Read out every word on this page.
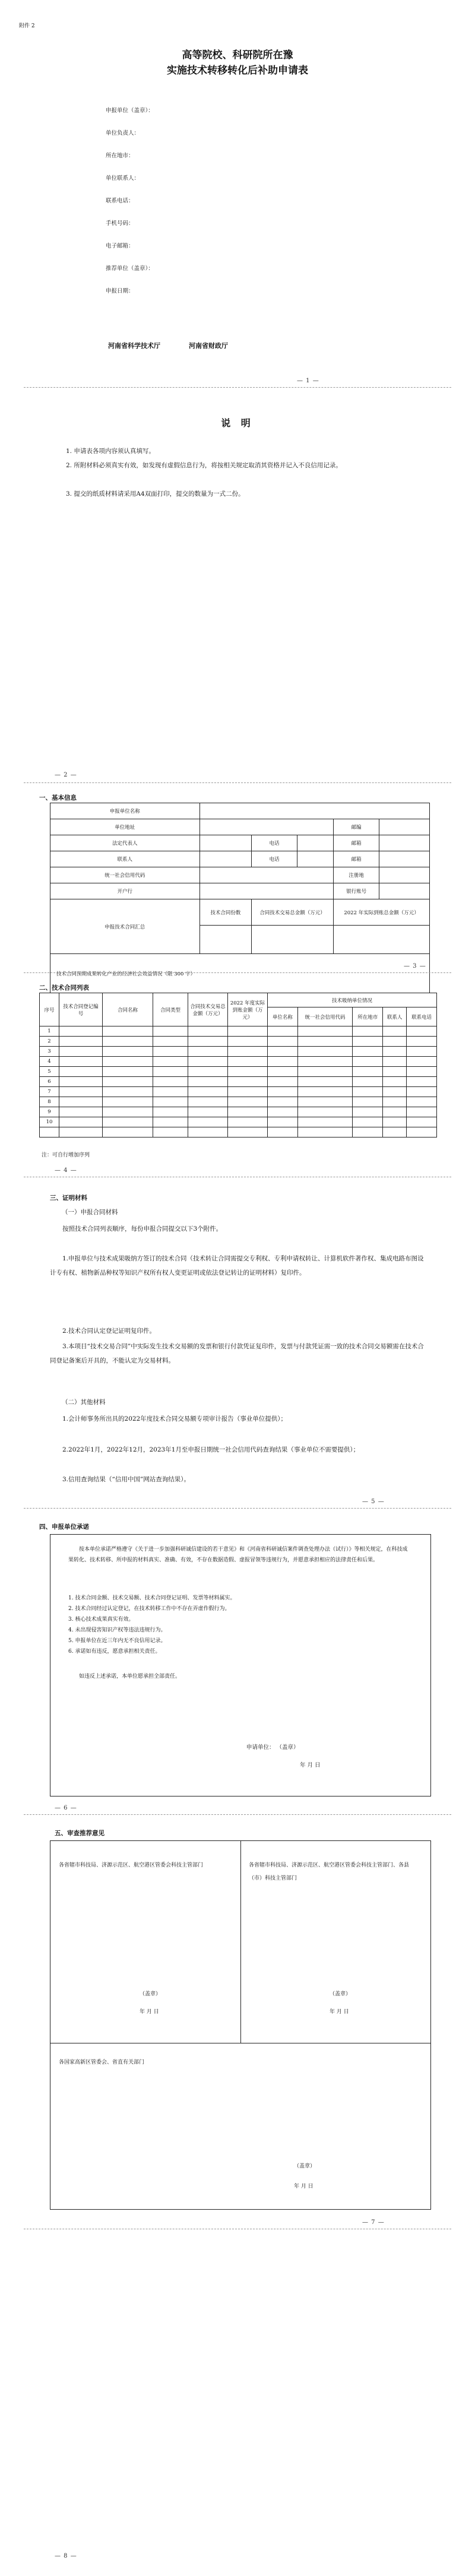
附件 2
高等院校、科研院所在豫
实施技术转移转化后补助申请表
申报单位（盖章）：
单位负责人：
所在地市：
单位联系人：
联系电话：
手机号码：
电子邮箱：
推荐单位（盖章）：
申报日期：
河南省科学技术厅	河南省财政厅
— 1 —
说 明
1. 申请表各项内容须认真填写。
2. 所附材料必须真实有效，如发现有虚假信息行为，将按相关规定取消其资格并记入不良信用记录。
3. 提交的纸质材料请采用A4双面打印，提交的数量为一式二份。
— 2 —
一、基本信息
申报单位名称					
单位地址				邮编	
法定代表人		电话		邮箱	
联系人		电话		邮箱	
统一社会信用代码				注册地	
开户行				银行账号	
申报技术合同汇总	技术合同份数	合同技术交易总金额（万元）		2022 年实际到账总金额（万元）	

技术合同预期成果转化产业的经济社会效益情况（限 300 字）					
— 3 —
二、技术合同列表
序号	技术合同登记编号	合同名称	合同类型	合同技术交易总金额（万元）	2022 年度实际到账金额（万元）	技术吸纳单位情况				
						单位名称	统一社会信用代码	所在地市	联系人	联系电话
1										
2										
3										
4										
5										
6										
7										
8										
9										
10										

注：可自行增加序列
— 4 —
三、证明材料
（一）申报合同材料
按照技术合同列表顺序，每份申报合同提交以下3个附件。
1.申报单位与技术成果吸纳方签订的技术合同（技术转让合同需提交专利权、专利申请权转让、计算机软件著作权、集成电路布图设计专有权、植物新品种权等知识产权所有权人变更证明或依法登记转让的证明材料）复印件。
2.技术合同认定登记证明复印件。
3.本项目“技术交易合同”中实际发生技术交易额的发票和银行付款凭证复印件，发票与付款凭证需一致的技术合同交易额需在技术合同登记备案后开具的，不能认定为交易材料。
（二）其他材料
1.会计师事务所出具的2022年度技术合同交易额专项审计报告（事业单位提供）；
2.2022年1月，2022年12月，2023年1月至申报日期统一社会信用代码查询结果（事业单位不需要提供）；
3.信用查询结果（“信用中国”网站查询结果）。
— 5 —
四、申报单位承诺
按本单位承诺严格遵守《关于进一步加强科研诚信建设的若干意见》和《河南省科研诚信案件调查处理办法（试行）》等相关规定，在科技成果转化、技术转移、所申报的材料真实、准确、有效，不存在数据造假、虚报冒领等违规行为，并愿意承担相应的法律责任和后果。
1. 技术合同金额、技术交易额、技术合同登记证明、发票等材料属实。
2. 技术合同经过认定登记，在技术转移工作中不存在弄虚作假行为。
3. 核心技术成果真实有效。
4. 未出现侵害知识产权等违法违规行为。
5. 申报单位在近三年内无不良信用记录。
6. 承诺如有违反，愿意承担相关责任。
如违反上述承诺，本单位愿承担全部责任。
申请单位： （盖章）
年 月 日
— 6 —
五、审查推荐意见
各省辖市科技局、济源示范区、航空港区管委会科技主管部门	各省辖市科技局、济源示范区、航空港区管委会科技主管部门、各县（市）科技主管部门
（盖章）
年 月 日
（盖章）
年 月 日
各国家高新区管委会、省直有关部门
（盖章）
年 月 日
— 7 —
— 8 —
